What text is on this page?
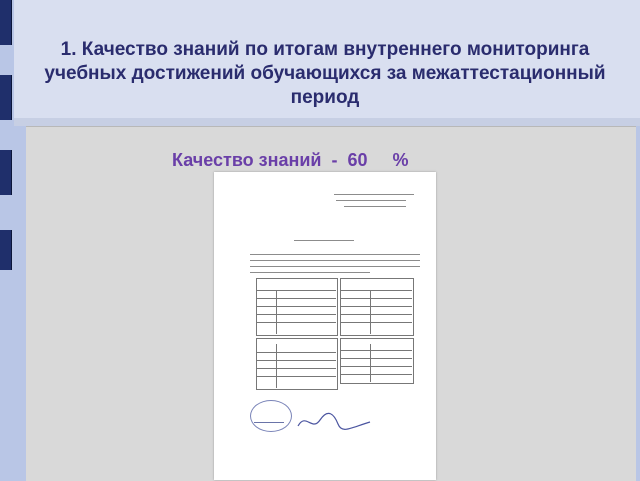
1. Качество знаний по итогам внутреннего мониторинга учебных достижений обучающихся за межаттестационный период
Качество знаний  -  60     %
